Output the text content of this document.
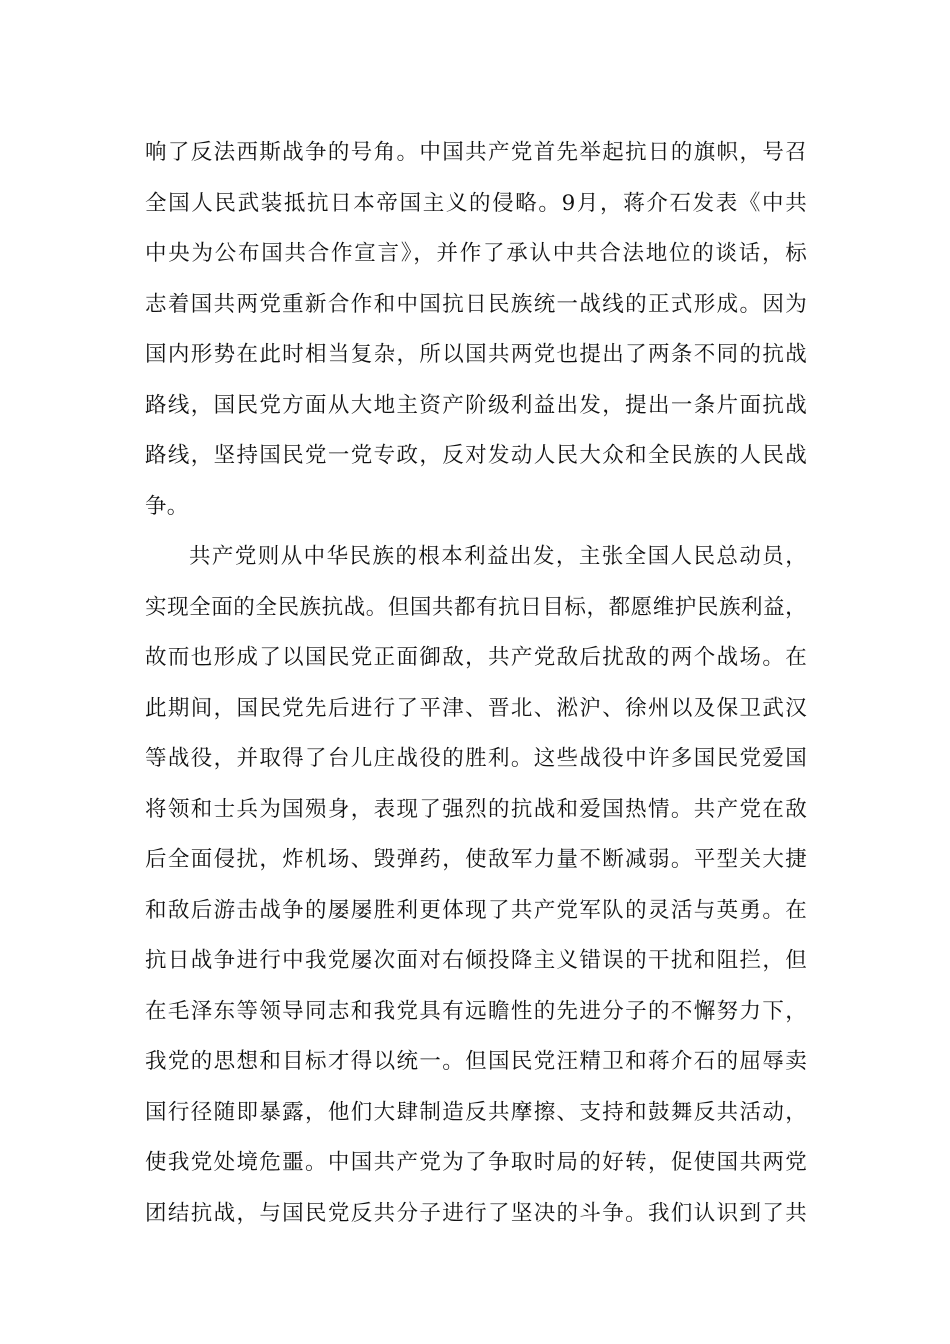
响了反法西斯战争的号角。中国共产党首先举起抗日的旗帜，号召
全国人民武装抵抗日本帝国主义的侵略。9月，蒋介石发表《中共
中央为公布国共合作宣言》，并作了承认中共合法地位的谈话，标
志着国共两党重新合作和中国抗日民族统一战线的正式形成。因为
国内形势在此时相当复杂，所以国共两党也提出了两条不同的抗战
路线，国民党方面从大地主资产阶级利益出发，提出一条片面抗战
路线，坚持国民党一党专政，反对发动人民大众和全民族的人民战
争。
共产党则从中华民族的根本利益出发，主张全国人民总动员，
实现全面的全民族抗战。但国共都有抗日目标，都愿维护民族利益，
故而也形成了以国民党正面御敌，共产党敌后扰敌的两个战场。在
此期间，国民党先后进行了平津、晋北、淞沪、徐州以及保卫武汉
等战役，并取得了台儿庄战役的胜利。这些战役中许多国民党爱国
将领和士兵为国殒身，表现了强烈的抗战和爱国热情。共产党在敌
后全面侵扰，炸机场、毁弹药，使敌军力量不断减弱。平型关大捷
和敌后游击战争的屡屡胜利更体现了共产党军队的灵活与英勇。在
抗日战争进行中我党屡次面对右倾投降主义错误的干扰和阻拦，但
在毛泽东等领导同志和我党具有远瞻性的先进分子的不懈努力下，
我党的思想和目标才得以统一。但国民党汪精卫和蒋介石的屈辱卖
国行径随即暴露，他们大肆制造反共摩擦、支持和鼓舞反共活动，
使我党处境危噩。中国共产党为了争取时局的好转，促使国共两党
团结抗战，与国民党反共分子进行了坚决的斗争。我们认识到了共
